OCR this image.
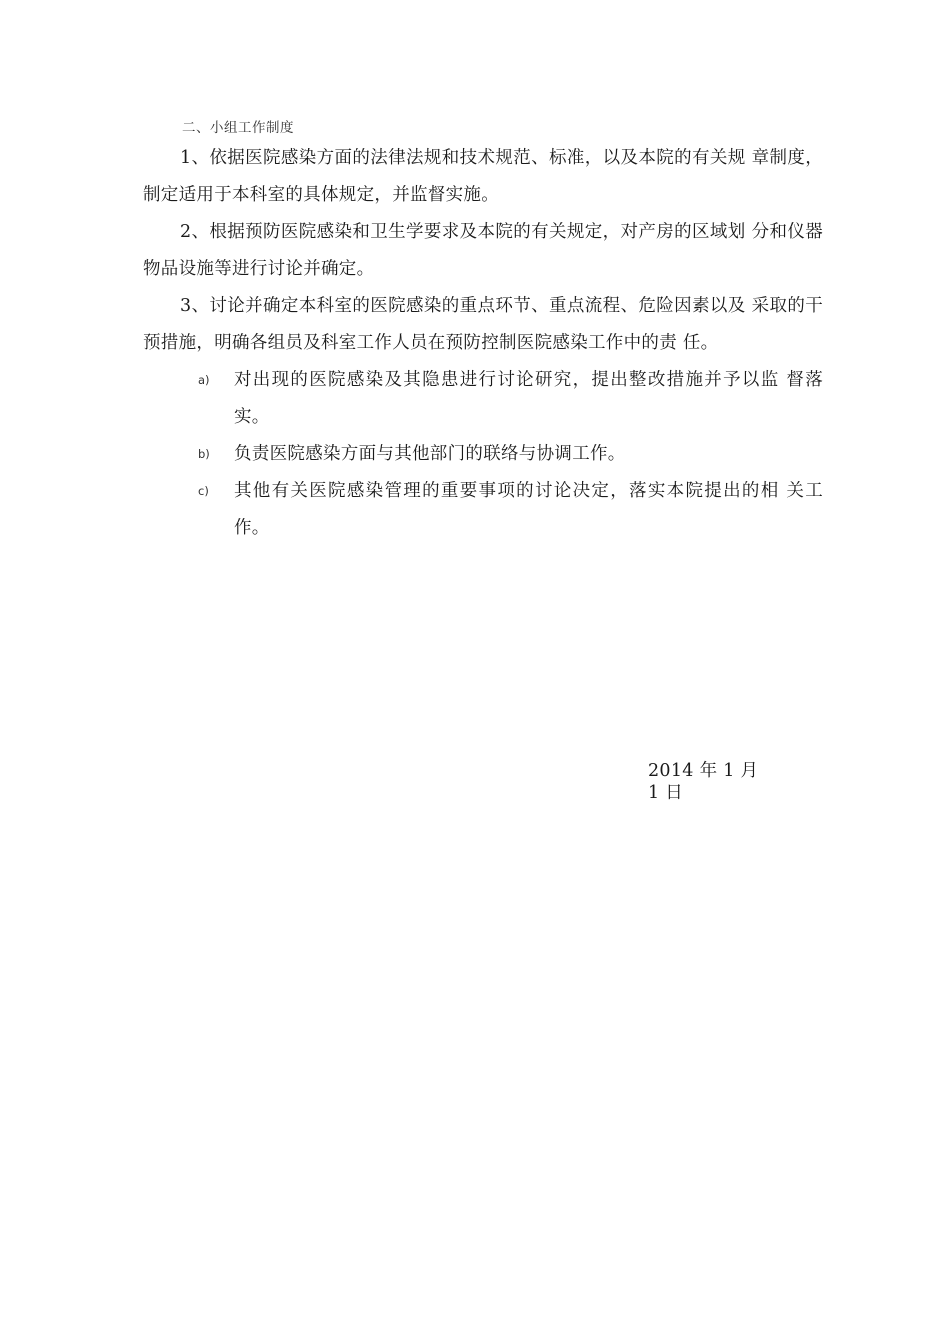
二、小组工作制度
1、依据医院感染方面的法律法规和技术规范、标准，以及本院的有关规 章制度，制定适用于本科室的具体规定，并监督实施。
2、根据预防医院感染和卫生学要求及本院的有关规定，对产房的区域划 分和仪器物品设施等进行讨论并确定。
3、讨论并确定本科室的医院感染的重点环节、重点流程、危险因素以及 采取的干预措施，明确各组员及科室工作人员在预防控制医院感染工作中的责 任。
a) 对出现的医院感染及其隐患进行讨论研究，提出整改措施并予以监 督落实。
b) 负责医院感染方面与其他部门的联络与协调工作。
c) 其他有关医院感染管理的重要事项的讨论决定，落实本院提出的相 关工作。
2014 年 1 月 1 日
